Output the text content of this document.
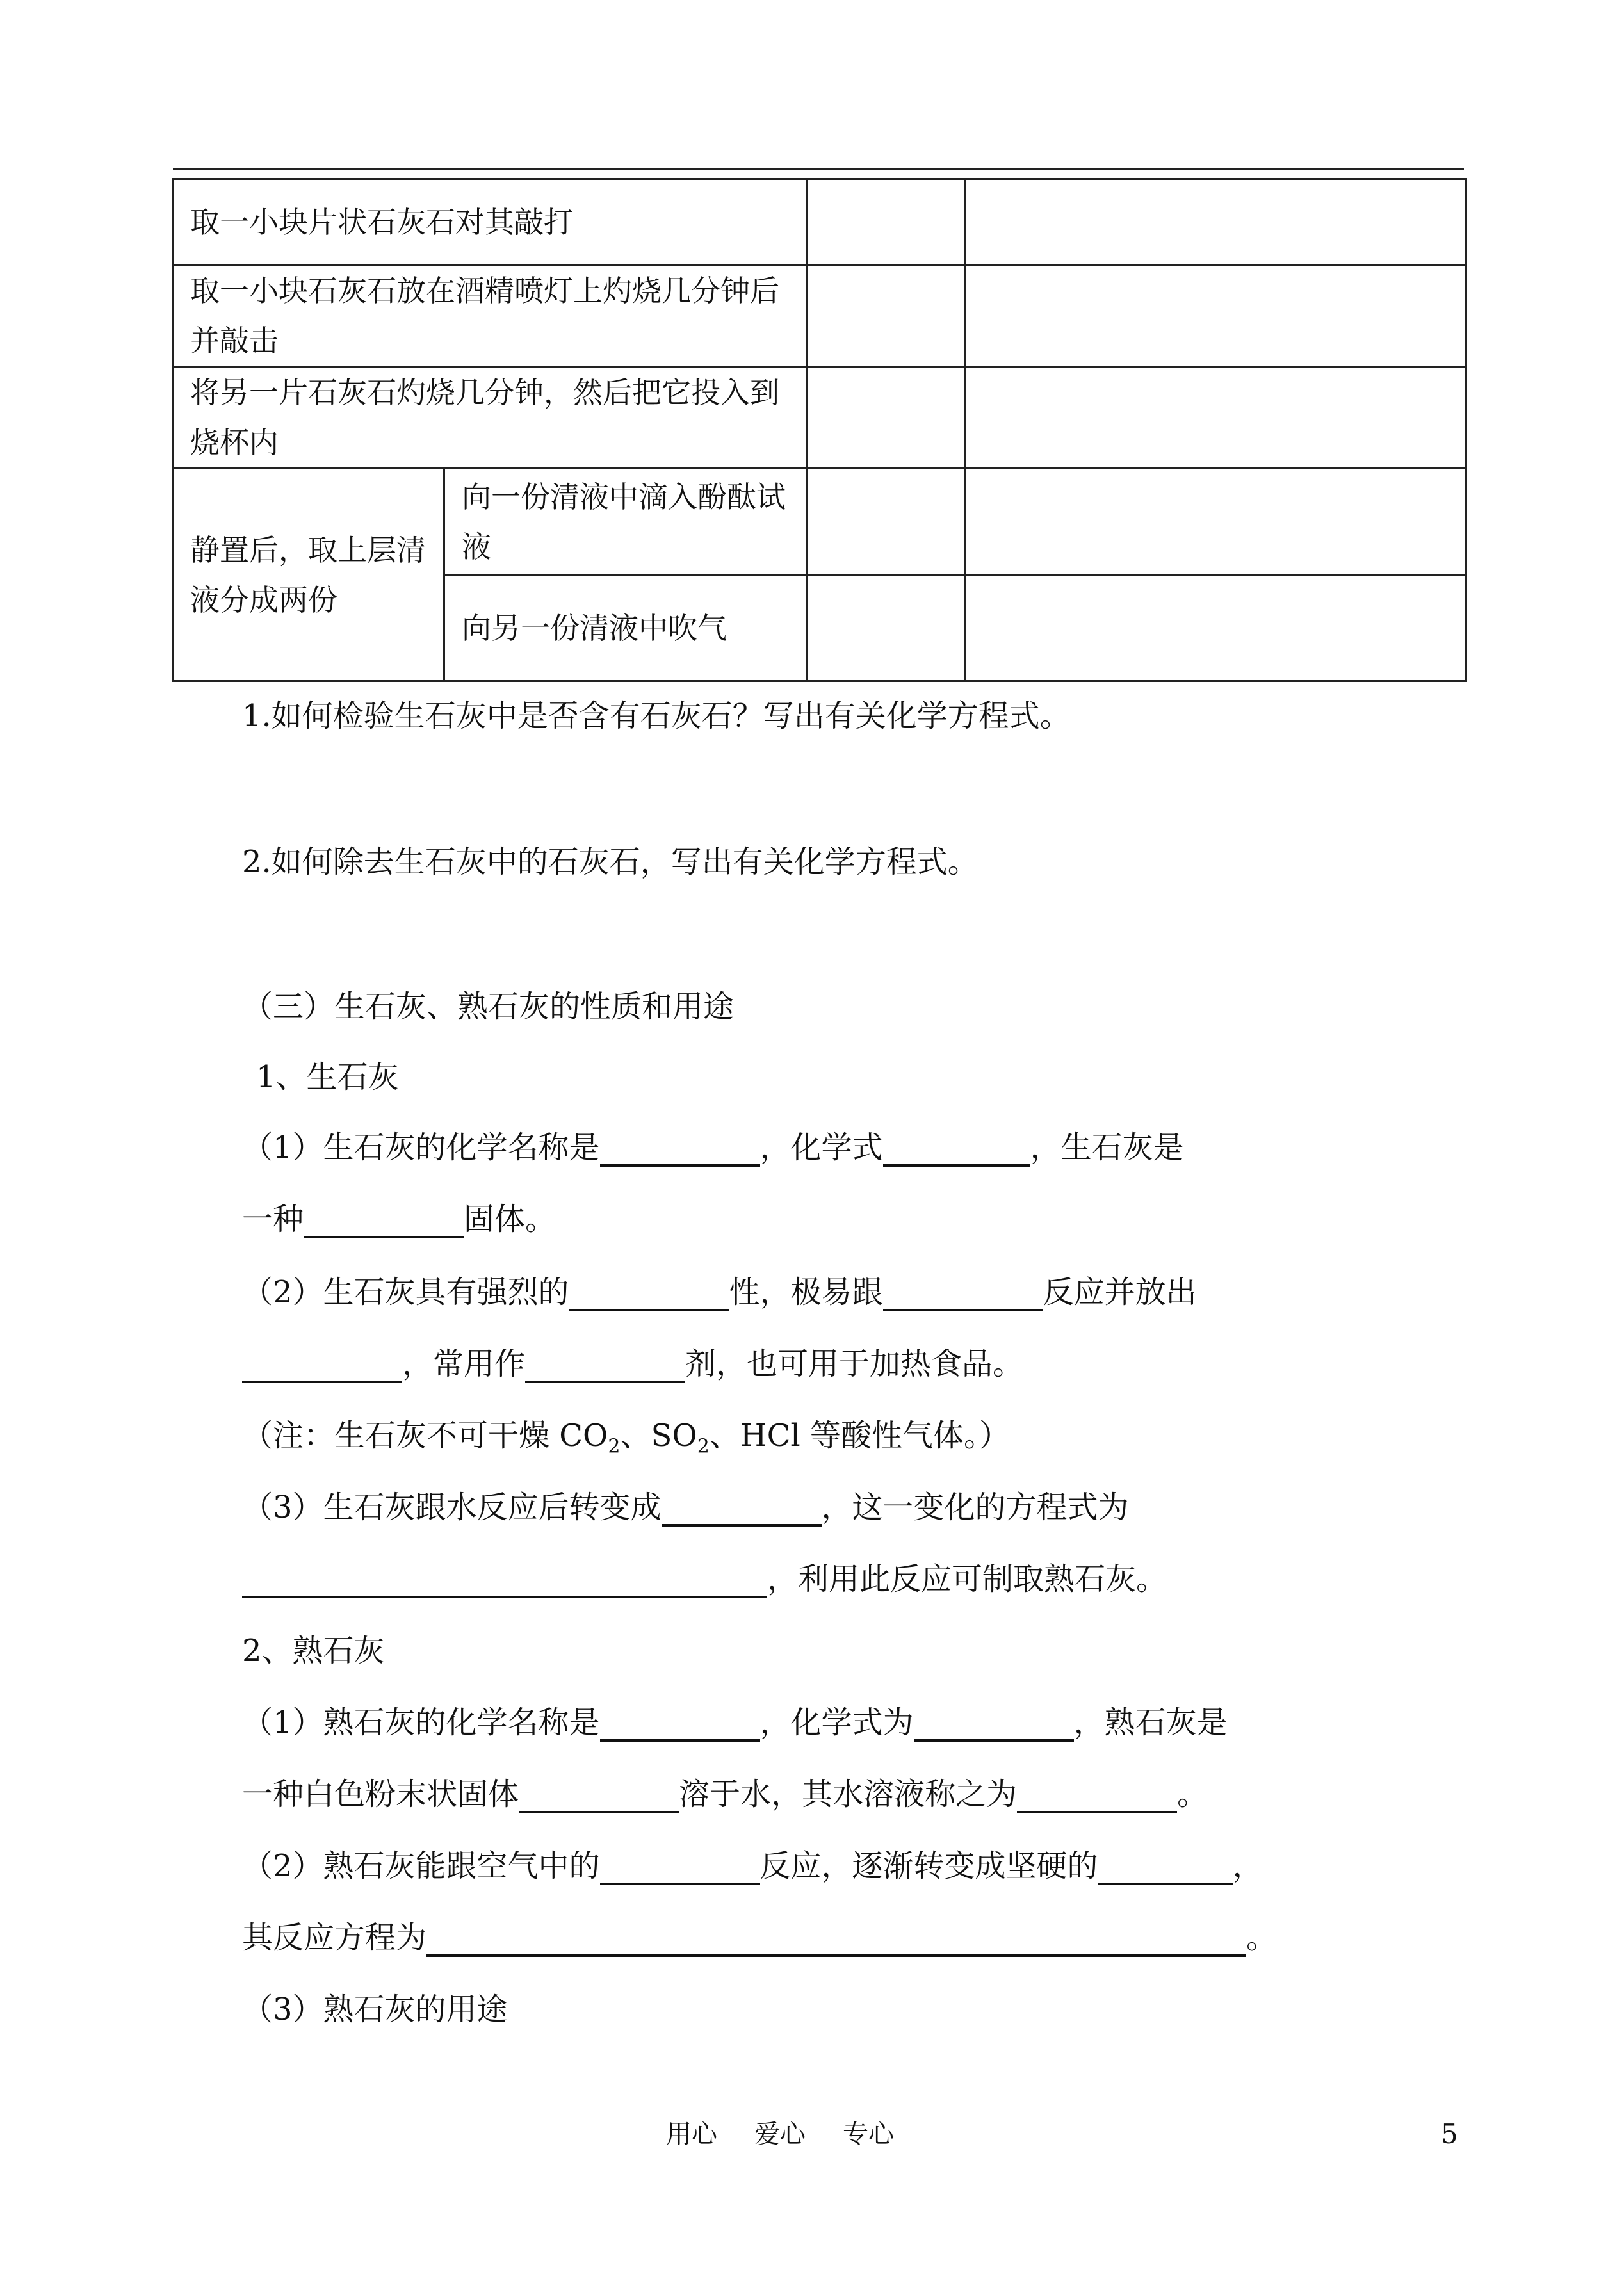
取一小块片状石灰石对其敲打			
取一小块石灰石放在酒精喷灯上灼烧几分钟后并敲击			
将另一片石灰石灼烧几分钟，然后把它投入到烧杯内			
静置后，取上层清液分成两份	向一份清液中滴入酚酞试液		
	向另一份清液中吹气		
1.如何检验生石灰中是否含有石灰石？写出有关化学方程式。
2.如何除去生石灰中的石灰石，写出有关化学方程式。
（三）生石灰、熟石灰的性质和用途
1、生石灰
（1）生石灰的化学名称是	，化学式	，生石灰是
一种	固体。
（2）生石灰具有强烈的	性，极易跟	反应并放出
，常用作	剂，也可用于加热食品。
（注：生石灰不可干燥 $CO_2$、$SO_2$、HCl 等酸性气体。）
（3）生石灰跟水反应后转变成	，这一变化的方程式为
，利用此反应可制取熟石灰。
2、熟石灰
（1）熟石灰的化学名称是	，化学式为	，熟石灰是
一种白色粉末状固体	溶于水，其水溶液称之为	。
（2）熟石灰能跟空气中的	反应，逐渐转变成坚硬的	，
其反应方程为	。
（3）熟石灰的用途
用心 爱心 专心	5
